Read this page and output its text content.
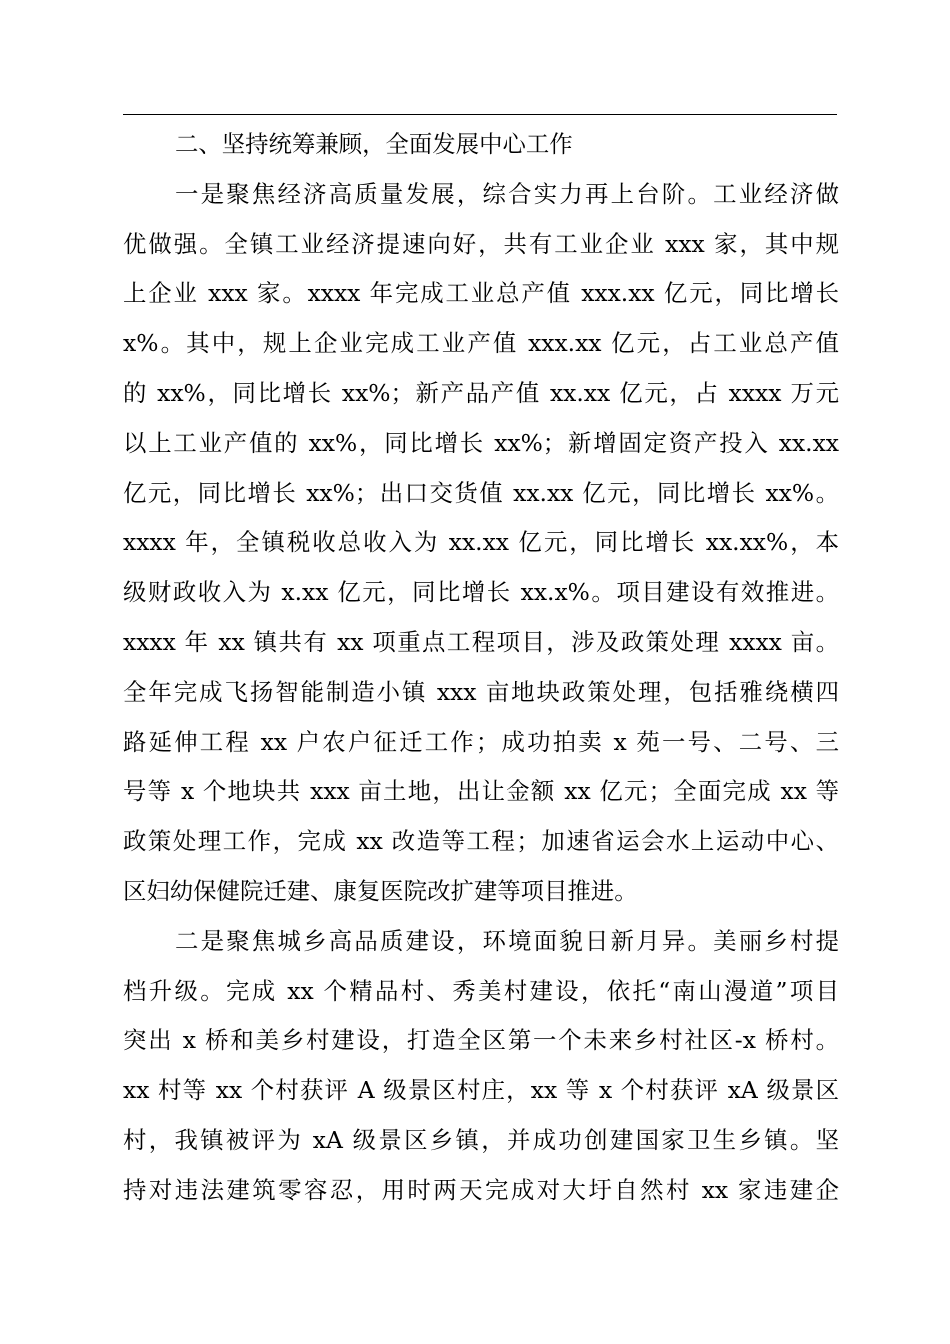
二、坚持统筹兼顾，全面发展中心工作
一是聚焦经济高质量发展，综合实力再上台阶。工业经济做
优做强。全镇工业经济提速向好，共有工业企业 xxx 家，其中规
上企业 xxx 家。xxxx 年完成工业总产值 xxx.xx 亿元，同比增长
x%。其中，规上企业完成工业产值 xxx.xx 亿元，占工业总产值
的 xx%，同比增长 xx%；新产品产值 xx.xx 亿元，占 xxxx 万元
以上工业产值的 xx%，同比增长 xx%；新增固定资产投入 xx.xx
亿元，同比增长 xx%；出口交货值 xx.xx 亿元，同比增长 xx%。
xxxx 年，全镇税收总收入为 xx.xx 亿元，同比增长 xx.xx%，本
级财政收入为 x.xx 亿元，同比增长 xx.x%。项目建设有效推进。
xxxx 年 xx 镇共有 xx 项重点工程项目，涉及政策处理 xxxx 亩。
全年完成飞扬智能制造小镇 xxx 亩地块政策处理，包括雅绕横四
路延伸工程 xx 户农户征迁工作；成功拍卖 x 苑一号、二号、三
号等 x 个地块共 xxx 亩土地，出让金额 xx 亿元；全面完成 xx 等
政策处理工作，完成 xx 改造等工程；加速省运会水上运动中心、
区妇幼保健院迁建、康复医院改扩建等项目推进。
二是聚焦城乡高品质建设，环境面貌日新月异。美丽乡村提
档升级。完成 xx 个精品村、秀美村建设，依托“南山漫道”项目
突出 x 桥和美乡村建设，打造全区第一个未来乡村社区-x 桥村。
xx 村等 xx 个村获评 A 级景区村庄，xx 等 x 个村获评 xA 级景区
村，我镇被评为 xA 级景区乡镇，并成功创建国家卫生乡镇。坚
持对违法建筑零容忍，用时两天完成对大圩自然村 xx 家违建企
